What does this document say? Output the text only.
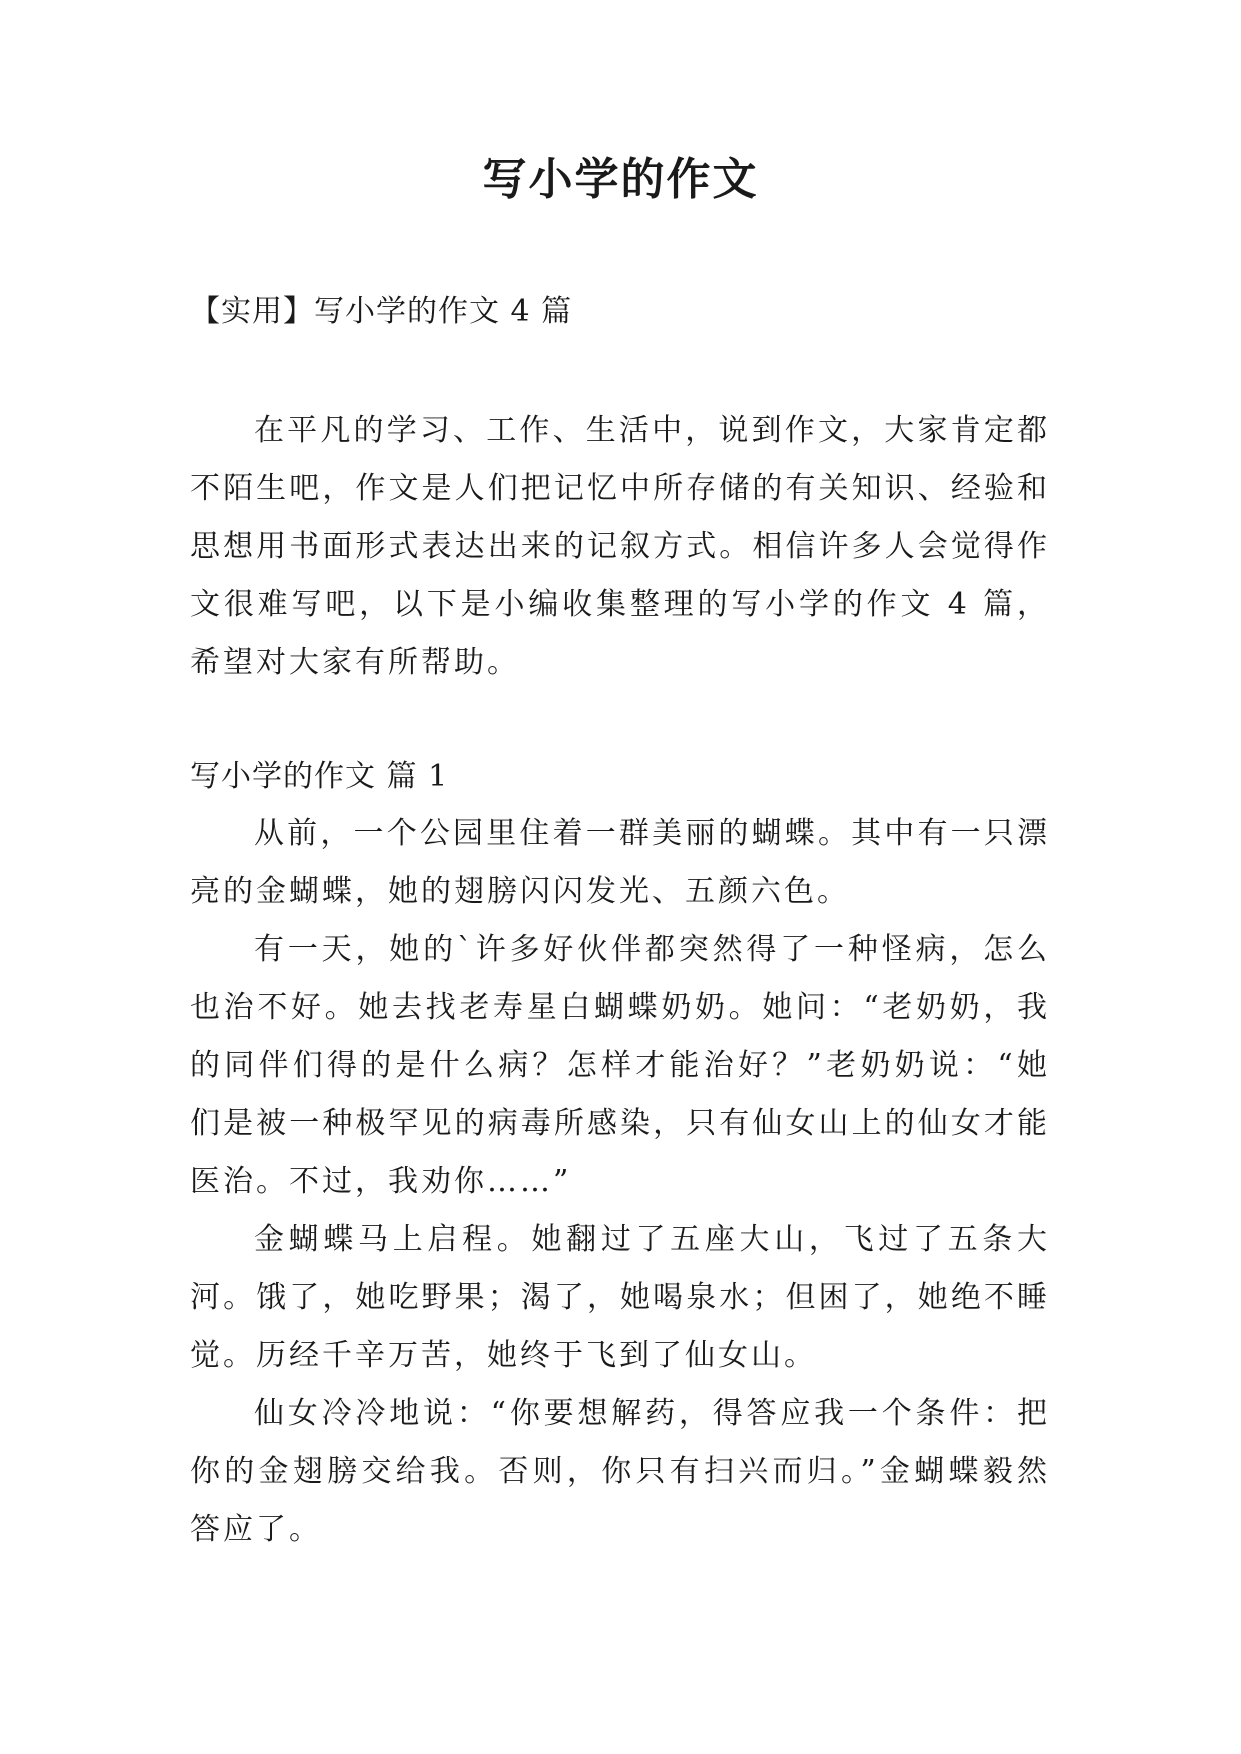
写小学的作文
【实用】写小学的作文 4 篇

在平凡的学习、工作、生活中，说到作文，大家肯定都不陌生吧，作文是人们把记忆中所存储的有关知识、经验和思想用书面形式表达出来的记叙方式。相信许多人会觉得作文很难写吧，以下是小编收集整理的写小学的作文 4 篇，希望对大家有所帮助。

写小学的作文 篇 1

从前，一个公园里住着一群美丽的蝴蝶。其中有一只漂亮的金蝴蝶，她的翅膀闪闪发光、五颜六色。

有一天，她的`许多好伙伴都突然得了一种怪病，怎么也治不好。她去找老寿星白蝴蝶奶奶。她问：“老奶奶，我的同伴们得的是什么病？怎样才能治好？”老奶奶说：“她们是被一种极罕见的病毒所感染，只有仙女山上的仙女才能医治。不过，我劝你……”

金蝴蝶马上启程。她翻过了五座大山，飞过了五条大河。饿了，她吃野果；渴了，她喝泉水；但困了，她绝不睡觉。历经千辛万苦，她终于飞到了仙女山。

仙女冷冷地说：“你要想解药，得答应我一个条件：把你的金翅膀交给我。否则，你只有扫兴而归。”金蝴蝶毅然答应了。
